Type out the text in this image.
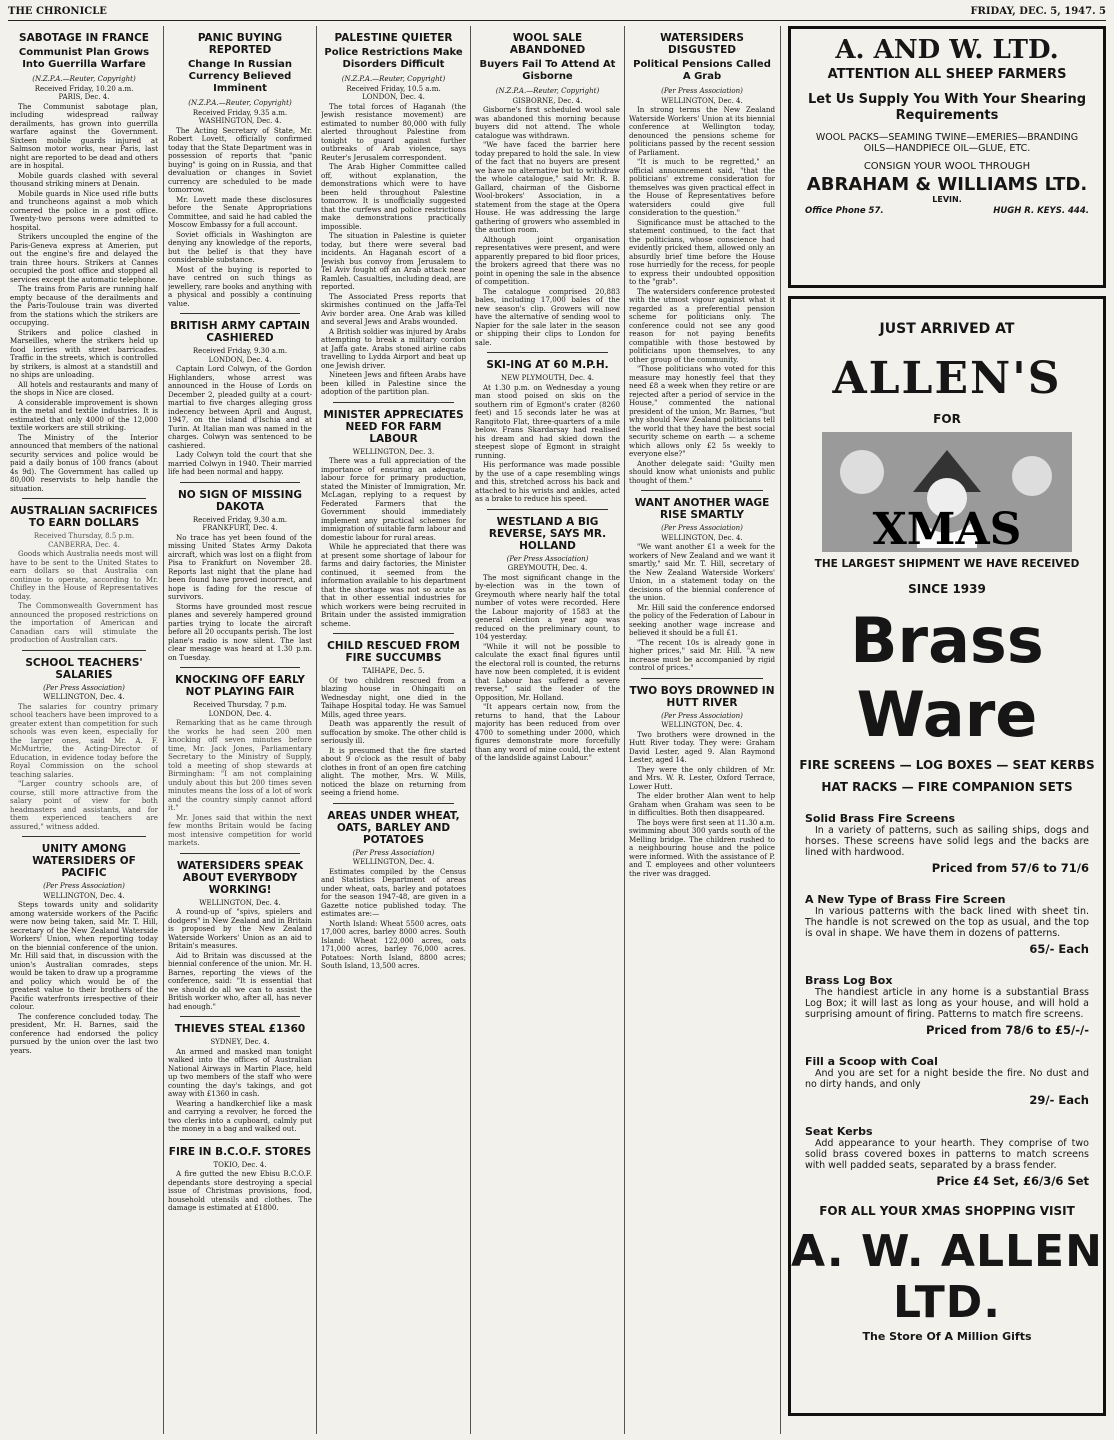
THE CHRONICLE	FRIDAY, DEC. 5, 1947. 5
SABOTAGE IN FRANCE
Communist Plan Grows Into Guerrilla Warfare
(N.Z.P.A.—Reuter, Copyright)
Received Friday, 10.20 a.m.
PARIS, Dec. 4.

The Communist sabotage plan, including widespread railway derailments, has grown into guerrilla warfare against the Government. Sixteen mobile guards injured at Salmson motor works, near Paris, last night are reported to be dead and others are in hospital.

Mobile guards clashed with several thousand striking miners at Denain.

Mobile guards in Nice used rifle butts and truncheons against a mob which cornered the police in a post office. Twenty-two persons were admitted to hospital.

Strikers uncoupled the engine of the Paris-Geneva express at Amerien, put out the engine's fire and delayed the train three hours. Strikers at Cannes occupied the post office and stopped all services except the automatic telephone.

The trains from Paris are running half empty because of the derailments and the Paris-Toulouse train was diverted from the stations which the strikers are occupying.

Strikers and police clashed in Marseilles, where the strikers held up food lorries with street barricades. Traffic in the streets, which is controlled by strikers, is almost at a standstill and no ships are unloading.

All hotels and restaurants and many of the shops in Nice are closed.

A considerable improvement is shown in the metal and textile industries. It is estimated that only 4000 of the 12,000 textile workers are still striking.

The Ministry of the Interior announced that members of the national security services and police would be paid a daily bonus of 100 francs (about 4s 9d). The Government has called up 80,000 reservists to help handle the situation.

AUSTRALIAN SACRIFICES TO EARN DOLLARS
Received Thursday, 8.5 p.m.
CANBERRA, Dec. 4.

Goods which Australia needs most will have to be sent to the United States to earn dollars so that Australia can continue to operate, according to Mr. Chifley in the House of Representatives today.

The Commonwealth Government has announced the proposed restrictions on the importation of American and Canadian cars will stimulate the production of Australian cars.

SCHOOL TEACHERS' SALARIES
(Per Press Association)
WELLINGTON, Dec. 4.

The salaries for country primary school teachers have been improved to a greater extent than competition for such schools was even keen, especially for the larger ones, said Mr. A. F. McMurtrie, the Acting-Director of Education, in evidence today before the Royal Commission on the school teaching salaries.

"Larger country schools are, of course, still more attractive from the salary point of view for both headmasters and assistants, and for them experienced teachers are assured," witness added.

UNITY AMONG WATERSIDERS OF PACIFIC
(Per Press Association)
WELLINGTON, Dec. 4.

Steps towards unity and solidarity among waterside workers of the Pacific were now being taken, said Mr. T. Hill, secretary of the New Zealand Waterside Workers' Union, when reporting today on the biennial conference of the union. Mr. Hill said that, in discussion with the union's Australian comrades, steps would be taken to draw up a programme and policy which would be of the greatest value to their brothers of the Pacific waterfronts irrespective of their colour.

The conference concluded today. The president, Mr. H. Barnes, said the conference had endorsed the policy pursued by the union over the last two years.

PANIC BUYING REPORTED
Change In Russian Currency Believed Imminent
(N.Z.P.A.—Reuter, Copyright)
Received Friday, 9.35 a.m.
WASHINGTON, Dec. 4.

The Acting Secretary of State, Mr. Robert Lovett, officially confirmed today that the State Department was in possession of reports that "panic buying" is going on in Russia, and that devaluation or changes in Soviet currency are scheduled to be made tomorrow.

Mr. Lovett made these disclosures before the Senate Appropriations Committee, and said he had cabled the Moscow Embassy for a full account.

Soviet officials in Washington are denying any knowledge of the reports, but the belief is that they have considerable substance.

Most of the buying is reported to have centred on such things as jewellery, rare books and anything with a physical and possibly a continuing value.

BRITISH ARMY CAPTAIN CASHIERED
Received Friday, 9.30 a.m.
LONDON, Dec. 4.

Captain Lord Colwyn, of the Gordon Highlanders, whose arrest was announced in the House of Lords on December 2, pleaded guilty at a court-martial to five charges alleging gross indecency between April and August, 1947, on the island d'Ischia and at Turin. At Italian man was named in the charges. Colwyn was sentenced to be cashiered.

Lady Colwyn told the court that she married Colwyn in 1940. Their married life had been normal and happy.

NO SIGN OF MISSING DAKOTA
Received Friday, 9.30 a.m.
FRANKFURT, Dec. 4.

No trace has yet been found of the missing United States Army Dakota aircraft, which was lost on a flight from Pisa to Frankfurt on November 28. Reports last night that the plane had been found have proved incorrect, and hope is fading for the rescue of survivors.

Storms have grounded most rescue planes and severely hampered ground parties trying to locate the aircraft before all 20 occupants perish. The lost plane's radio is now silent. The last clear message was heard at 1.30 p.m. on Tuesday.

KNOCKING OFF EARLY NOT PLAYING FAIR
Received Thursday, 7 p.m.
LONDON, Dec. 4.

Remarking that as he came through the works he had seen 200 men knocking off seven minutes before time, Mr. Jack Jones, Parliamentary Secretary to the Ministry of Supply, told a meeting of shop stewards at Birmingham: "I am not complaining unduly about this but 200 times seven minutes means the loss of a lot of work and the country simply cannot afford it."

Mr. Jones said that within the next few months Britain would be facing most intensive competition for world markets.

WATERSIDERS SPEAK ABOUT EVERYBODY WORKING!
WELLINGTON, Dec. 4.

A round-up of "spivs, spielers and dodgers" in New Zealand and in Britain is proposed by the New Zealand Waterside Workers' Union as an aid to Britain's measures.

Aid to Britain was discussed at the biennial conference of the union. Mr. H. Barnes, reporting the views of the conference, said: "It is essential that we should do all we can to assist the British worker who, after all, has never had enough."

THIEVES STEAL £1360
SYDNEY, Dec. 4.

An armed and masked man tonight walked into the offices of Australian National Airways in Martin Place, held up two members of the staff who were counting the day's takings, and got away with £1360 in cash.

Wearing a handkerchief like a mask and carrying a revolver, he forced the two clerks into a cupboard, calmly put the money in a bag and walked out.

FIRE IN B.C.O.F. STORES
TOKIO, Dec. 4.

A fire gutted the new Ebisu B.C.O.F. dependants store destroying a special issue of Christmas provisions, food, household utensils and clothes. The damage is estimated at £1800.

PALESTINE QUIETER
Police Restrictions Make Disorders Difficult
(N.Z.P.A.—Reuter, Copyright)
Received Friday, 10.5 a.m.
LONDON, Dec. 4.

The total forces of Haganah (the Jewish resistance movement) are estimated to number 80,000 with fully alerted throughout Palestine from tonight to guard against further outbreaks of Arab violence, says Reuter's Jerusalem correspondent.

The Arab Higher Committee called off, without explanation, the demonstrations which were to have been held throughout Palestine tomorrow. It is unofficially suggested that the curfews and police restrictions make demonstrations practically impossible.

The situation in Palestine is quieter today, but there were several bad incidents. An Haganah escort of a Jewish bus convoy from Jerusalem to Tel Aviv fought off an Arab attack near Ramleh. Casualties, including dead, are reported.

The Associated Press reports that skirmishes continued on the Jaffa-Tel Aviv border area. One Arab was killed and several Jews and Arabs wounded.

A British soldier was injured by Arabs attempting to break a military cordon at Jaffa gate. Arabs stoned airline cabs travelling to Lydda Airport and beat up one Jewish driver.

Nineteen Jews and fifteen Arabs have been killed in Palestine since the adoption of the partition plan.

MINISTER APPRECIATES NEED FOR FARM LABOUR
WELLINGTON, Dec. 3.

There was a full appreciation of the importance of ensuring an adequate labour force for primary production, stated the Minister of Immigration, Mr. McLagan, replying to a request by Federated Farmers that the Government should immediately implement any practical schemes for immigration of suitable farm labour and domestic labour for rural areas.

While he appreciated that there was at present some shortage of labour for farms and dairy factories, the Minister continued, it seemed from the information available to his department that the shortage was not so acute as that in other essential industries for which workers were being recruited in Britain under the assisted immigration scheme.

CHILD RESCUED FROM FIRE SUCCUMBS
TAIHAPE, Dec. 5.

Of two children rescued from a blazing house in Ohingaiti on Wednesday night, one died in the Taihape Hospital today. He was Samuel Mills, aged three years.

Death was apparently the result of suffocation by smoke. The other child is seriously ill.

It is presumed that the fire started about 9 o'clock as the result of baby clothes in front of an open fire catching alight. The mother, Mrs. W. Mills, noticed the blaze on returning from seeing a friend home.

AREAS UNDER WHEAT, OATS, BARLEY AND POTATOES
(Per Press Association)
WELLINGTON, Dec. 4.

Estimates compiled by the Census and Statistics Department of areas under wheat, oats, barley and potatoes for the season 1947-48, are given in a Gazette notice published today. The estimates are:—

North Island: Wheat 5500 acres, oats 17,000 acres, barley 8000 acres. South Island: Wheat 122,000 acres, oats 171,000 acres, barley 76,000 acres. Potatoes: North Island, 8800 acres; South Island, 13,500 acres.

WOOL SALE ABANDONED
Buyers Fail To Attend At Gisborne
(N.Z.P.A.—Reuter, Copyright)
GISBORNE, Dec. 4.

Gisborne's first scheduled wool sale was abandoned this morning because buyers did not attend. The whole catalogue was withdrawn.

"We have faced the barrier here today prepared to hold the sale. In view of the fact that no buyers are present we have no alternative but to withdraw the whole catalogue," said Mr. R. B. Gallard, chairman of the Gisborne Wool-brokers' Association, in a statement from the stage at the Opera House. He was addressing the large gathering of growers who assembled in the auction room.

Although joint organisation representatives were present, and were apparently prepared to bid floor prices, the brokers agreed that there was no point in opening the sale in the absence of competition.

The catalogue comprised 20,883 bales, including 17,000 bales of the new season's clip. Growers will now have the alternative of sending wool to Napier for the sale later in the season or shipping their clips to London for sale.

SKI-ING AT 60 M.P.H.
NEW PLYMOUTH, Dec. 4.

At 1.30 p.m. on Wednesday a young man stood poised on skis on the southern rim of Egmont's crater (8260 feet) and 15 seconds later he was at Rangitoto Flat, three-quarters of a mile below. Frans Skardarsay had realised his dream and had skied down the steepest slope of Egmont in straight running.

His performance was made possible by the use of a cape resembling wings and this, stretched across his back and attached to his wrists and ankles, acted as a brake to reduce his speed.

WESTLAND A BIG REVERSE, SAYS MR. HOLLAND
(Per Press Association)
GREYMOUTH, Dec. 4.

The most significant change in the by-election was in the town of Greymouth where nearly half the total number of votes were recorded. Here the Labour majority of 1583 at the general election a year ago was reduced on the preliminary count, to 104 yesterday.

"While it will not be possible to calculate the exact final figures until the electoral roll is counted, the returns have now been completed, it is evident that Labour has suffered a severe reverse," said the leader of the Opposition, Mr. Holland.

"It appears certain now, from the returns to hand, that the Labour majority has been reduced from over 4700 to something under 2000, which figures demonstrate more forcefully than any word of mine could, the extent of the landslide against Labour."

WATERSIDERS DISGUSTED
Political Pensions Called A Grab
(Per Press Association)
WELLINGTON, Dec. 4.

In strong terms the New Zealand Waterside Workers' Union at its biennial conference at Wellington today, denounced the pensions scheme for politicians passed by the recent session of Parliament.

"It is much to be regretted," an official announcement said, "that the politicians' extreme consideration for themselves was given practical effect in the House of Representatives before watersiders could give full consideration to the question."

Significance must be attached to the statement continued, to the fact that the politicians, whose conscience had evidently pricked them, allowed only an absurdly brief time before the House rose hurriedly for the recess, for people to express their undoubted opposition to the "grab".

The watersiders conference protested with the utmost vigour against what it regarded as a preferential pension scheme for politicians only. The conference could not see any good reason for not paying benefits compatible with those bestowed by politicians upon themselves, to any other group of the community.

"Those politicians who voted for this measure may honestly feel that they need £8 a week when they retire or are rejected after a period of service in the House," commented the national president of the union, Mr. Barnes, "but why should New Zealand politicians tell the world that they have the best social security scheme on earth — a scheme which allows only £2 5s weekly to everyone else?"

Another delegate said: "Guilty men should know what unionists and public thought of them."

WANT ANOTHER WAGE RISE SMARTLY
(Per Press Association)
WELLINGTON, Dec. 4.

"We want another £1 a week for the workers of New Zealand and we want it smartly," said Mr. T. Hill, secretary of the New Zealand Waterside Workers' Union, in a statement today on the decisions of the biennial conference of the union.

Mr. Hill said the conference endorsed the policy of the Federation of Labour in seeking another wage increase and believed it should be a full £1.

"The recent 10s is already gone in higher prices," said Mr. Hill. "A new increase must be accompanied by rigid control of prices."

TWO BOYS DROWNED IN HUTT RIVER
(Per Press Association)
WELLINGTON, Dec. 4.

Two brothers were drowned in the Hutt River today. They were: Graham David Lester, aged 9. Alan Raymond Lester, aged 14.

They were the only children of Mr. and Mrs. W. R. Lester, Oxford Terrace, Lower Hutt.

The elder brother Alan went to help Graham when Graham was seen to be in difficulties. Both then disappeared.

The boys were first seen at 11.30 a.m. swimming about 300 yards south of the Melling bridge. The children rushed to a neighbouring house and the police were informed. With the assistance of P. and T. employees and other volunteers the river was dragged.

A. AND W. LTD.
ATTENTION ALL SHEEP FARMERS
Let Us Supply You With Your Shearing Requirements
WOOL PACKS—SEAMING TWINE—EMERIES—BRANDING OILS—HANDPIECE OIL—GLUE, ETC.
CONSIGN YOUR WOOL THROUGH
ABRAHAM & WILLIAMS LTD.
LEVIN.
Office Phone 57.	HUGH R. KEYS. 444.
JUST ARRIVED AT
ALLEN'S
FOR
XMAS
THE LARGEST SHIPMENT WE HAVE RECEIVED
SINCE 1939
Brass
Ware
FIRE SCREENS — LOG BOXES — SEAT KERBS
HAT RACKS — FIRE COMPANION SETS
Solid Brass Fire Screens
In a variety of patterns, such as sailing ships, dogs and horses. These screens have solid legs and the backs are lined with hardwood.
Priced from 57/6 to 71/6
A New Type of Brass Fire Screen
In various patterns with the back lined with sheet tin. The handle is not screwed on the top as usual, and the top is oval in shape. We have them in dozens of patterns.
65/- Each
Brass Log Box
The handiest article in any home is a substantial Brass Log Box; it will last as long as your house, and will hold a surprising amount of firing. Patterns to match fire screens.
Priced from 78/6 to £5/-/-
Fill a Scoop with Coal
And you are set for a night beside the fire. No dust and no dirty hands, and only
29/- Each
Seat Kerbs
Add appearance to your hearth. They comprise of two solid brass covered boxes in patterns to match screens with well padded seats, separated by a brass fender.
Price £4 Set, £6/3/6 Set
FOR ALL YOUR XMAS SHOPPING VISIT
A. W. ALLEN LTD.
The Store Of A Million Gifts
